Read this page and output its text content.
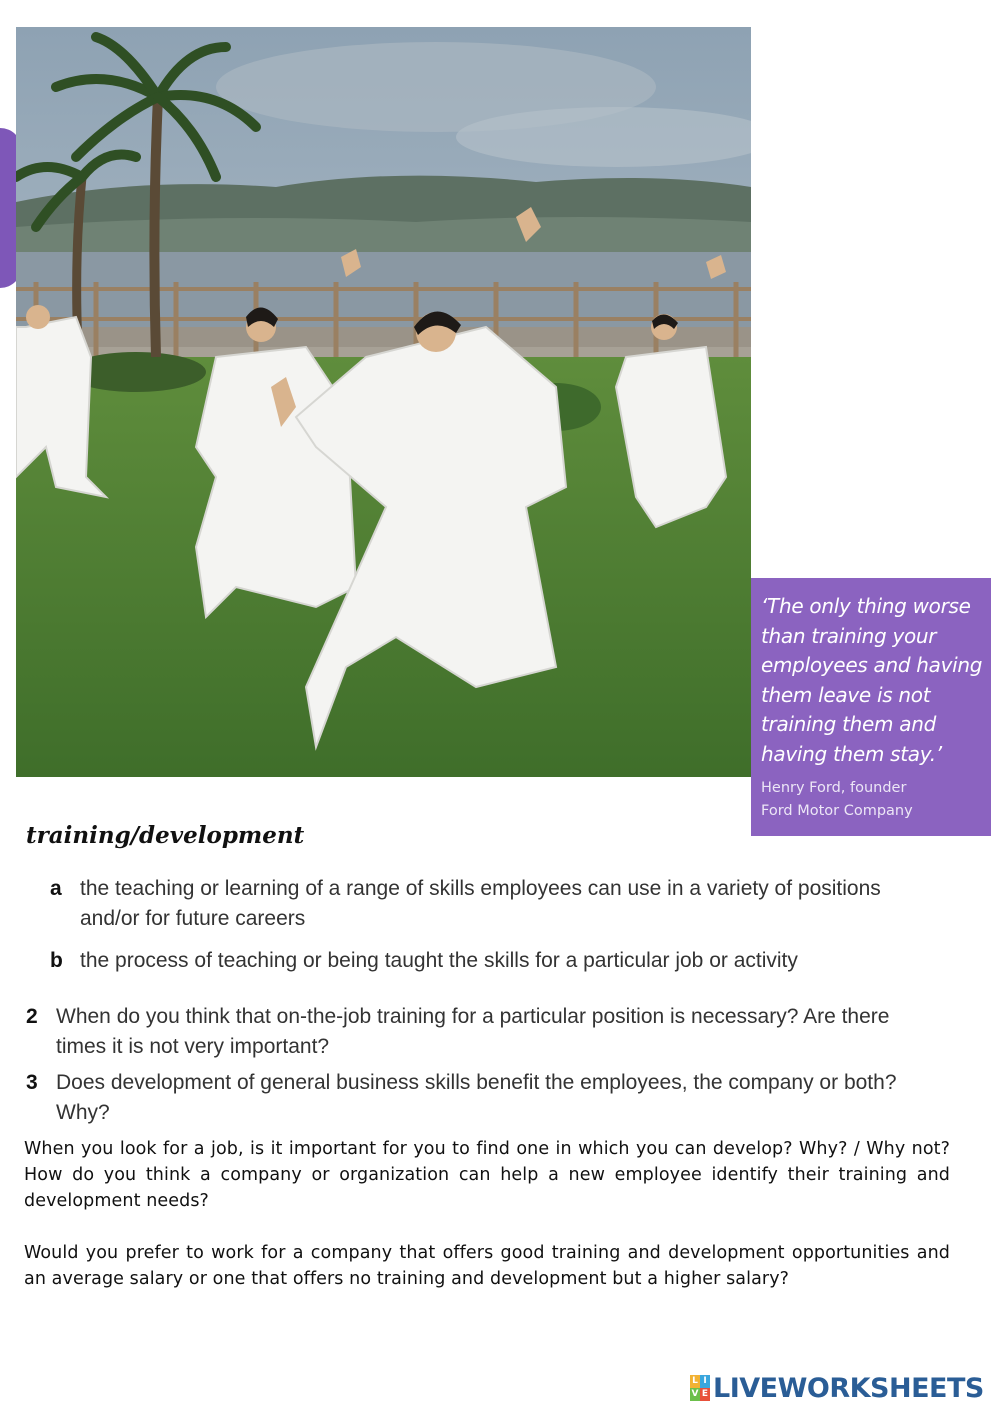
‘The only thing worse than training your employees and having them leave is not training them and having them stay.’

Henry Ford, founder
Ford Motor Company
training/development
a the teaching or learning of a range of skills employees can use in a variety of positions and/or for future careers
b the process of teaching or being taught the skills for a particular job or activity
2 When do you think that on-the-job training for a particular position is necessary? Are there times it is not very important?
3 Does development of general business skills benefit the employees, the company or both? Why?
When you look for a job, is it important for you to find one in which you can develop? Why? / Why not? How do you think a company or organization can help a new employee identify their training and development needs?
Would you prefer to work for a company that offers good training and development opportunities and an average salary or one that offers no training and development but a higher salary?
L I
V E LIVEWORKSHEETS
